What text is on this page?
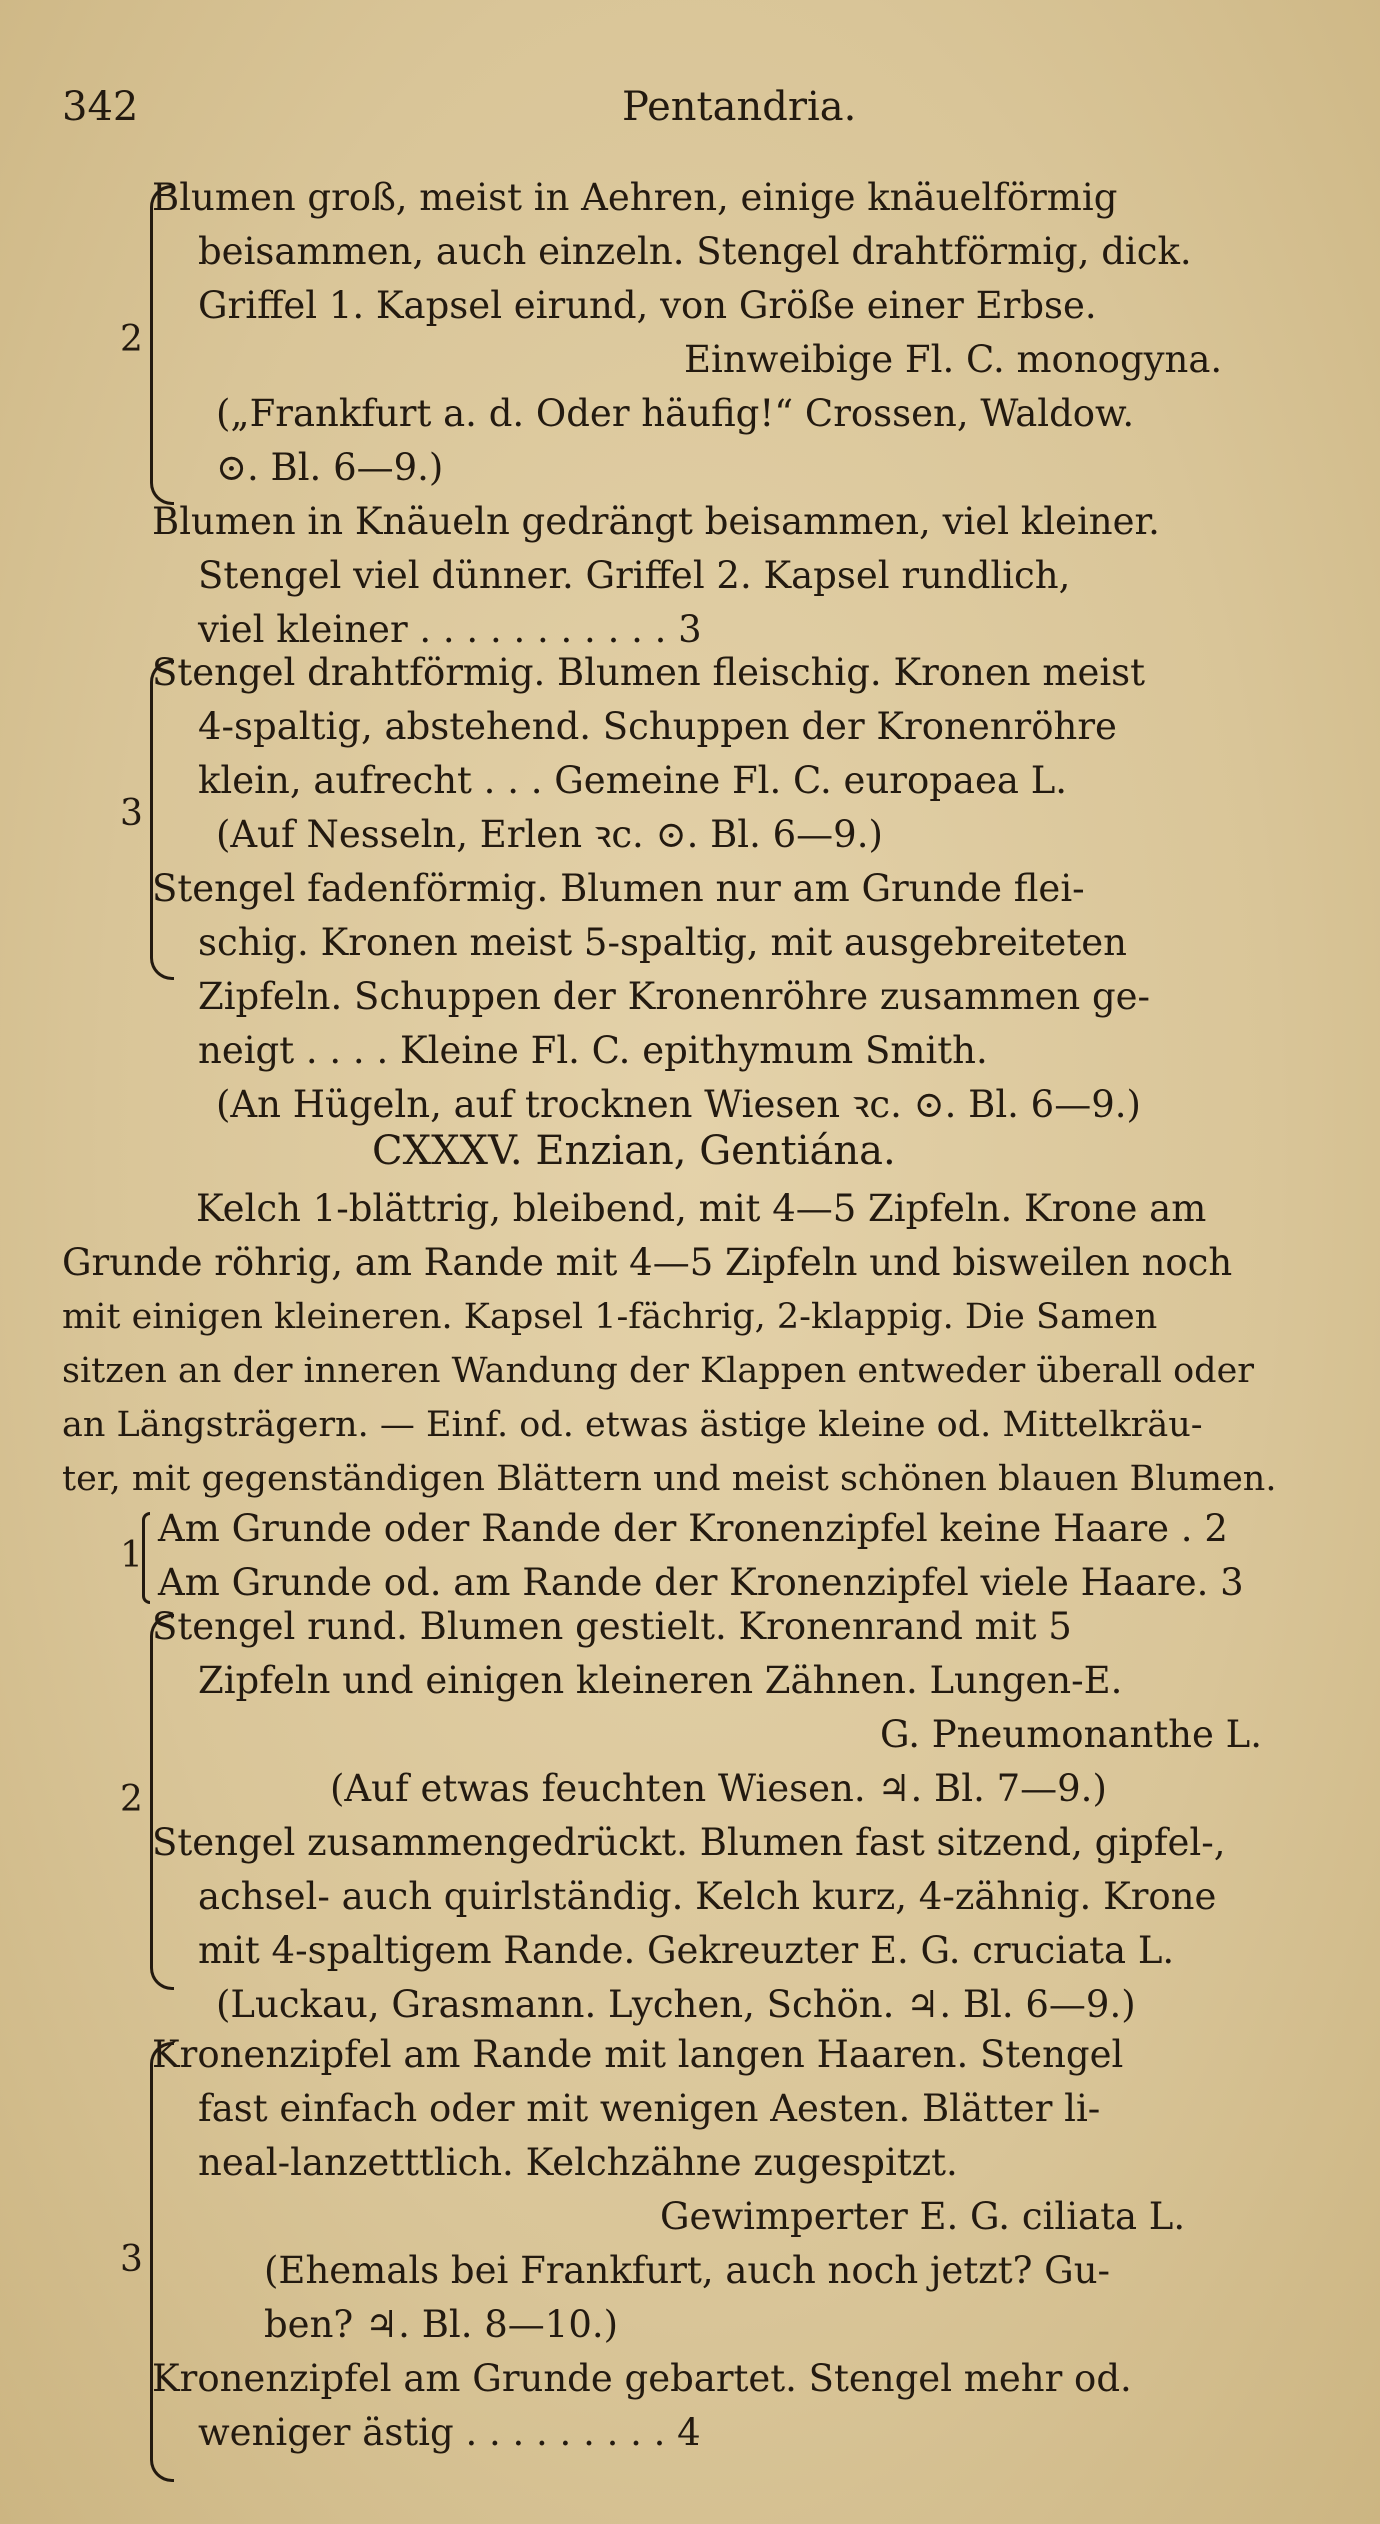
342	Pentandria.
2
Blumen groß, meist in Aehren, einige knäuelförmig
beisammen, auch einzeln. Stengel drahtförmig, dick.
Griffel 1. Kapsel eirund, von Größe einer Erbse.
Einweibige Fl. C. monogyna.
(„Frankfurt a. d. Oder häufig!“ Crossen, Waldow.
⊙. Bl. 6—9.)
Blumen in Knäueln gedrängt beisammen, viel kleiner.
Stengel viel dünner. Griffel 2. Kapsel rundlich,
viel kleiner . . . . . . . . . . . 3
3
Stengel drahtförmig. Blumen fleischig. Kronen meist
4-spaltig, abstehend. Schuppen der Kronenröhre
klein, aufrecht . . . Gemeine Fl. C. europaea L.
(Auf Nesseln, Erlen ꝛc. ⊙. Bl. 6—9.)
Stengel fadenförmig. Blumen nur am Grunde flei-
schig. Kronen meist 5-spaltig, mit ausgebreiteten
Zipfeln. Schuppen der Kronenröhre zusammen ge-
neigt . . . . Kleine Fl. C. epithymum Smith.
(An Hügeln, auf trocknen Wiesen ꝛc. ⊙. Bl. 6—9.)
CXXXV. Enzian, Gentiána.
Kelch 1-blättrig, bleibend, mit 4—5 Zipfeln. Krone am
Grunde röhrig, am Rande mit 4—5 Zipfeln und bisweilen noch
mit einigen kleineren. Kapsel 1-fächrig, 2-klappig. Die Samen
sitzen an der inneren Wandung der Klappen entweder überall oder
an Längsträgern. — Einf. od. etwas ästige kleine od. Mittelkräu-
ter, mit gegenständigen Blättern und meist schönen blauen Blumen.
1
Am Grunde oder Rande der Kronenzipfel keine Haare . 2
Am Grunde od. am Rande der Kronenzipfel viele Haare. 3
2
Stengel rund. Blumen gestielt. Kronenrand mit 5
Zipfeln und einigen kleineren Zähnen. Lungen-E.
G. Pneumonanthe L.
(Auf etwas feuchten Wiesen. ♃. Bl. 7—9.)
Stengel zusammengedrückt. Blumen fast sitzend, gipfel-,
achsel- auch quirlständig. Kelch kurz, 4-zähnig. Krone
mit 4-spaltigem Rande. Gekreuzter E. G. cruciata L.
(Luckau, Grasmann. Lychen, Schön. ♃. Bl. 6—9.)
3
Kronenzipfel am Rande mit langen Haaren. Stengel
fast einfach oder mit wenigen Aesten. Blätter li-
neal-lanzetttlich. Kelchzähne zugespitzt.
Gewimperter E. G. ciliata L.
(Ehemals bei Frankfurt, auch noch jetzt? Gu-
ben? ♃. Bl. 8—10.)
Kronenzipfel am Grunde gebartet. Stengel mehr od.
weniger ästig . . . . . . . . . 4
